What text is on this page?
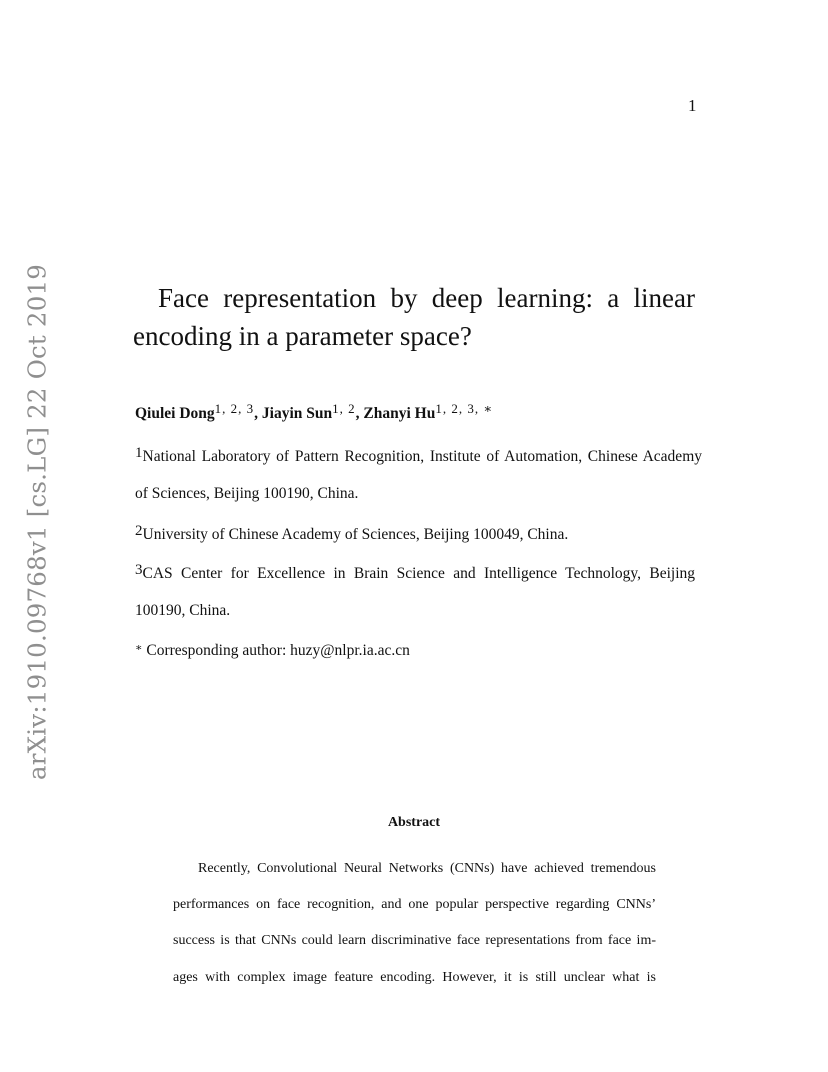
1
arXiv:1910.09768v1 [cs.LG] 22 Oct 2019	Face representation by deep learning: a linear
encoding in a parameter space?
Qiulei Dong$^{1, 2, 3}$, Jiayin Sun$^{1, 2}$, Zhanyi $Hu^{1, 2, 3, ∗}$
$^1$National Laboratory of Pattern Recognition, Institute of Automation, Chinese Academy
of Sciences, Beijing 100190, China.
$^2$University of Chinese Academy of Sciences, Beijing 100049, China.
$^3$CAS Center for Excellence in Brain Science and Intelligence Technology, Beijing
100190, China.
∗ Corresponding author: huzy@nlpr.ia.ac.cn
Abstract
Recently, Convolutional Neural Networks (CNNs) have achieved tremendous
performances on face recognition, and one popular perspective regarding CNNs’
success is that CNNs could learn discriminative face representations from face im-
ages with complex image feature encoding. However, it is still unclear what is
